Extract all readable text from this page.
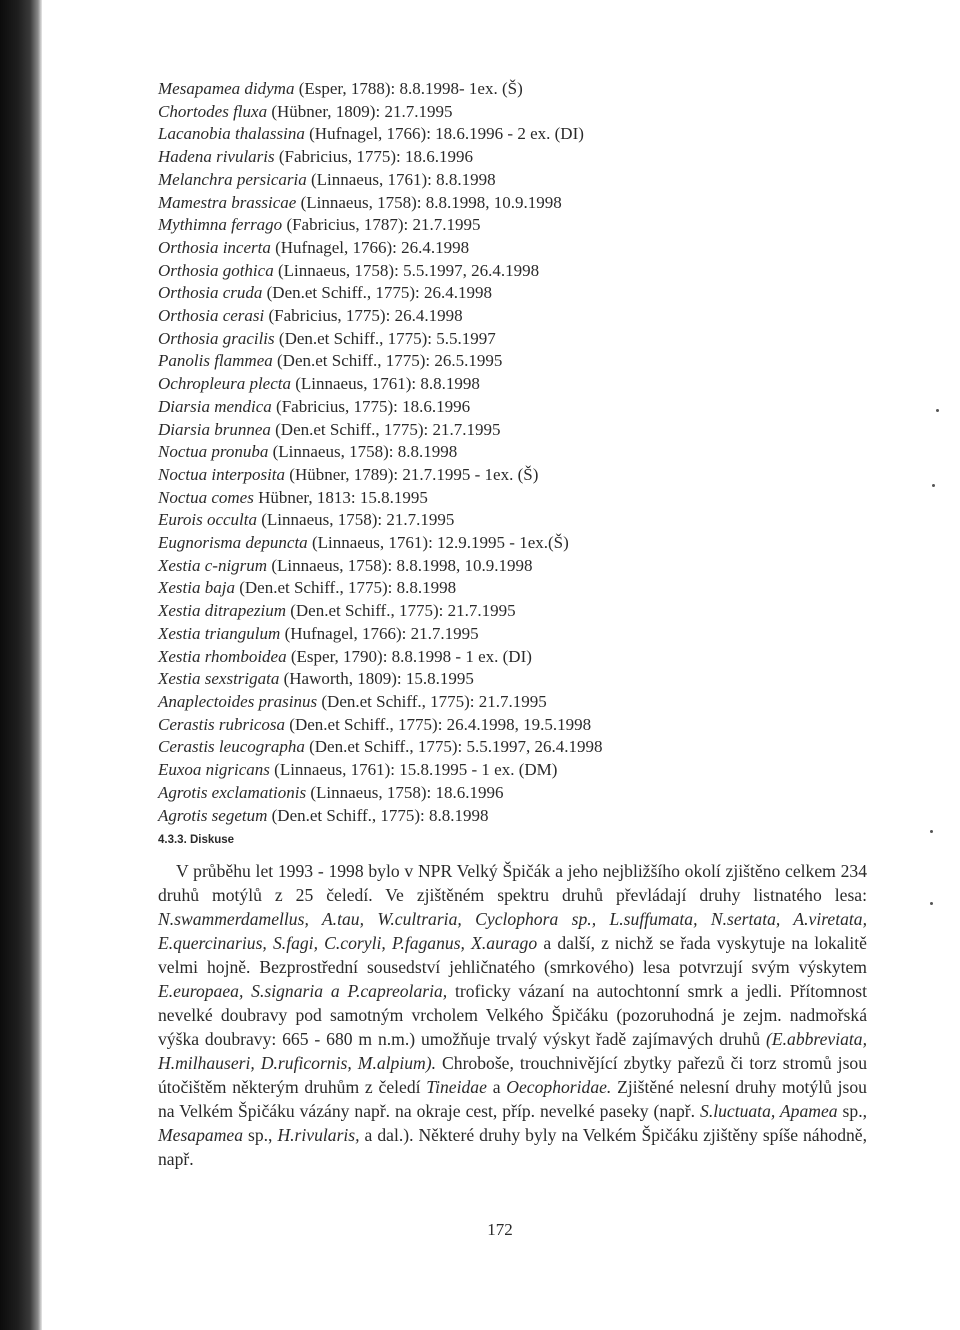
Mesapamea didyma (Esper, 1788): 8.8.1998- 1ex. (Š)
Chortodes fluxa (Hübner, 1809): 21.7.1995
Lacanobia thalassina (Hufnagel, 1766): 18.6.1996 - 2 ex. (DI)
Hadena rivularis (Fabricius, 1775): 18.6.1996
Melanchra persicaria (Linnaeus, 1761): 8.8.1998
Mamestra brassicae (Linnaeus, 1758): 8.8.1998, 10.9.1998
Mythimna ferrago (Fabricius, 1787): 21.7.1995
Orthosia incerta (Hufnagel, 1766): 26.4.1998
Orthosia gothica (Linnaeus, 1758): 5.5.1997, 26.4.1998
Orthosia cruda (Den.et Schiff., 1775): 26.4.1998
Orthosia cerasi (Fabricius, 1775): 26.4.1998
Orthosia gracilis (Den.et Schiff., 1775): 5.5.1997
Panolis flammea (Den.et Schiff., 1775): 26.5.1995
Ochropleura plecta (Linnaeus, 1761): 8.8.1998
Diarsia mendica (Fabricius, 1775): 18.6.1996
Diarsia brunnea (Den.et Schiff., 1775): 21.7.1995
Noctua pronuba (Linnaeus, 1758): 8.8.1998
Noctua interposita (Hübner, 1789): 21.7.1995 - 1ex. (Š)
Noctua comes Hübner, 1813: 15.8.1995
Eurois occulta (Linnaeus, 1758): 21.7.1995
Eugnorisma depuncta (Linnaeus, 1761): 12.9.1995 - 1ex.(Š)
Xestia c-nigrum (Linnaeus, 1758): 8.8.1998, 10.9.1998
Xestia baja (Den.et Schiff., 1775): 8.8.1998
Xestia ditrapezium (Den.et Schiff., 1775): 21.7.1995
Xestia triangulum (Hufnagel, 1766): 21.7.1995
Xestia rhomboidea (Esper, 1790): 8.8.1998 - 1 ex. (DI)
Xestia sexstrigata (Haworth, 1809): 15.8.1995
Anaplectoides prasinus (Den.et Schiff., 1775): 21.7.1995
Cerastis rubricosa (Den.et Schiff., 1775): 26.4.1998, 19.5.1998
Cerastis leucographa (Den.et Schiff., 1775): 5.5.1997, 26.4.1998
Euxoa nigricans (Linnaeus, 1761): 15.8.1995 - 1 ex. (DM)
Agrotis exclamationis (Linnaeus, 1758): 18.6.1996
Agrotis segetum (Den.et Schiff., 1775): 8.8.1998
4.3.3. Diskuse

V průběhu let 1993 - 1998 bylo v NPR Velký Špičák a jeho nejbližšího okolí zjištěno celkem 234 druhů motýlů z 25 čeledí. Ve zjištěném spektru druhů převládají druhy listnatého lesa: N.swammerdamellus, A.tau, W.cultraria, Cyclophora sp., L.suffumata, N.sertata, A.viretata, E.quercinarius, S.fagi, C.coryli, P.faganus, X.aurago a další, z nichž se řada vyskytuje na lokalitě velmi hojně. Bezprostřední sousedství jehličnatého (smrkového) lesa potvrzují svým výskytem E.europaea, S.signaria a P.capreolaria, troficky vázaní na autochtonní smrk a jedli. Přítomnost nevelké doubravy pod samotným vrcholem Velkého Špičáku (pozoruhodná je zejm. nadmořská výška doubravy: 665 - 680 m n.m.) umožňuje trvalý výskyt řadě zajímavých druhů (E.abbreviata, H.milhauseri, D.ruficornis, M.alpium). Chroboše, trouchnivějící zbytky pařezů či torz stromů jsou útočištěm některým druhům z čeledí Tineidae a Oecophoridae. Zjištěné nelesní druhy motýlů jsou na Velkém Špičáku vázány např. na okraje cest, příp. nevelké paseky (např. S.luctuata, Apamea sp., Mesapamea sp., H.rivularis, a dal.). Některé druhy byly na Velkém Špičáku zjištěny spíše náhodně, např.

172
